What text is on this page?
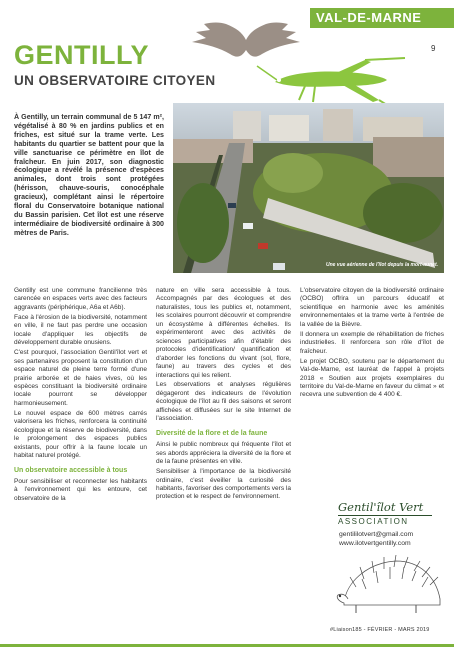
VAL-DE-MARNE
9
GENTILLY
UN OBSERVATOIRE CITOYEN
À Gentilly, un terrain communal de 5 147 m², végétalisé à 80 % en jardins publics et en friches, est situé sur la trame verte. Les habitants du quartier se battent pour que la ville sanctuarise ce périmètre en îlot de fraîcheur. En juin 2017, son diagnostic écologique a révélé la présence d'espèces animales, dont trois sont protégées (hérisson, chauve-souris, conocéphale gracieux), complétant ainsi le répertoire floral du Conservatoire botanique national du Bassin parisien. Cet îlot est une réserve intermédiaire de biodiversité ordinaire à 300 mètres de Paris.
Une vue aérienne de l'îlot depuis la mort-aunet.

Gentilly est une commune francilienne très carencée en espaces verts avec des facteurs aggravants (périphérique, A6a et A6b).

Face à l'érosion de la biodiversité, notamment en ville, il ne faut pas perdre une occasion locale d'appliquer les objectifs de développement durable onusiens.

C'est pourquoi, l'association Gentil'îlot vert et ses partenaires proposent la constitution d'un espace naturel de pleine terre formé d'une prairie arborée et de haies vives, où les espèces constituant la biodiversité ordinaire locale pourront se développer harmonieusement.

Le nouvel espace de 600 mètres carrés valorisera les friches, renforcera la continuité écologique et la réserve de biodiversité, dans le prolongement des espaces publics existants, pour offrir à la faune locale un habitat naturel protégé.

Un observatoire accessible à tous

Pour sensibiliser et reconnecter les habitants à l'environnement qui les entoure, cet observatoire de la

nature en ville sera accessible à tous. Accompagnés par des écologues et des naturalistes, tous les publics et, notamment, les scolaires pourront découvrir et comprendre un écosystème à différentes échelles. Ils expérimenteront avec des activités de sciences participatives afin d'établir des protocoles d'identification/ quantification et d'aborder les fonctions du vivant (sol, flore, faune) au travers des cycles et des interactions qui les relient.

Les observations et analyses régulières dégageront des indicateurs de l'évolution écologique de l'îlot au fil des saisons et seront affichées et diffusées sur le site Internet de l'association.

Diversité de la flore et de la faune

Ainsi le public nombreux qui fréquente l'îlot et ses abords appréciera la diversité de la flore et de la faune présentes en ville.

Sensibiliser à l'importance de la biodiversité ordinaire, c'est éveiller la curiosité des habitants, favoriser des comportements vers la protection et le respect de l'environnement.

L'observatoire citoyen de la biodiversité ordinaire (OCBO) offrira un parcours éducatif et scientifique en harmonie avec les aménités environnementales et la trame verte à l'entrée de la vallée de la Bièvre.

Il donnera un exemple de réhabilitation de friches industrielles. Il renforcera son rôle d'îlot de fraîcheur.

Le projet OCBO, soutenu par le département du Val-de-Marne, est lauréat de l'appel à projets 2018 « Soutien aux projets exemplaires du territoire du Val-de-Marne en faveur du climat » et recevra une subvention de 4 400 €.

Gentil'îlot Vert
ASSOCIATION
gentililotvert@gmail.com
www.ilotvertgentilly.com
#Liaison185 - FÉVRIER - MARS 2019
